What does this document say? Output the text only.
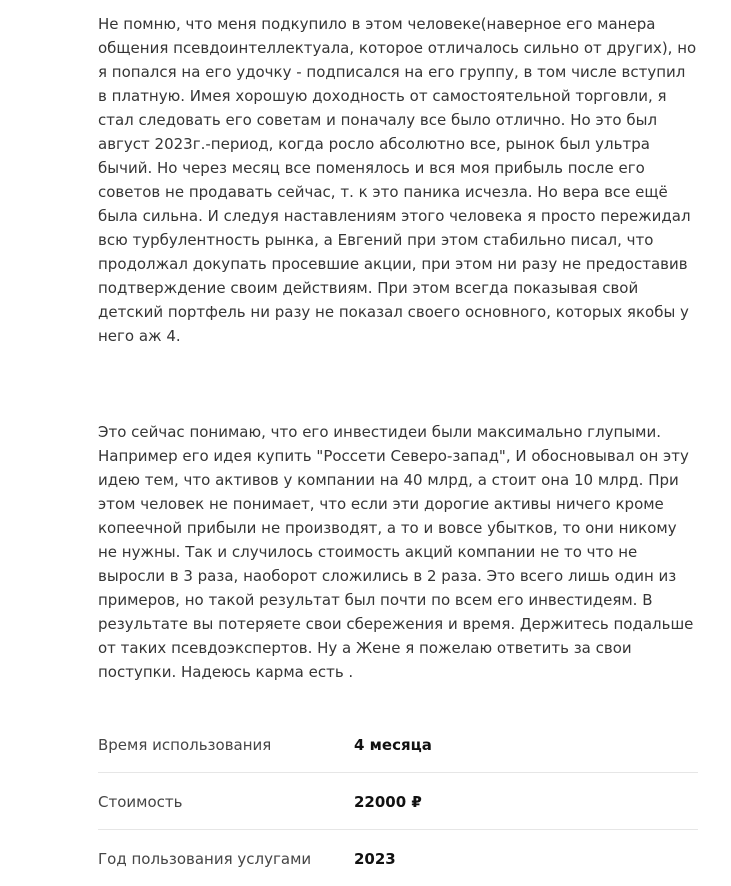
Не помню, что меня подкупило в этом человеке(наверное его манера общения псевдоинтеллектуала, которое отличалось сильно от других), но я попался на его удочку - подписался на его группу, в том числе вступил в платную. Имея хорошую доходность от самостоятельной торговли, я стал следовать его советам и поначалу все было отлично. Но это был август 2023г.-период, когда росло абсолютно все, рынок был ультра бычий. Но через месяц все поменялось и вся моя прибыль после его советов не продавать сейчас, т. к это паника исчезла. Но вера все ещё была сильна. И следуя наставлениям этого человека я просто пережидал всю турбулентность рынка, а Евгений при этом стабильно писал, что продолжал докупать просевшие акции, при этом ни разу не предоставив подтверждение своим действиям. При этом всегда показывая свой детский портфель ни разу не показал своего основного, которых якобы у него аж 4.

Это сейчас понимаю, что его инвестидеи были максимально глупыми. Например его идея купить "Россети Северо-запад", И обосновывал он эту идею тем, что активов у компании на 40 млрд, а стоит она 10 млрд. При этом человек не понимает, что если эти дорогие активы ничего кроме копеечной прибыли не производят, а то и вовсе убытков, то они никому не нужны. Так и случилось стоимость акций компании не то что не выросли в 3 раза, наоборот сложились в 2 раза. Это всего лишь один из примеров, но такой результат был почти по всем его инвестидеям. В результате вы потеряете свои сбережения и время. Держитесь подальше от таких псевдоэкспертов. Ну а Жене я пожелаю ответить за свои поступки. Надеюсь карма есть .

Время использования	4 месяца
Стоимость	22000 ₽
Год пользования услугами	2023
